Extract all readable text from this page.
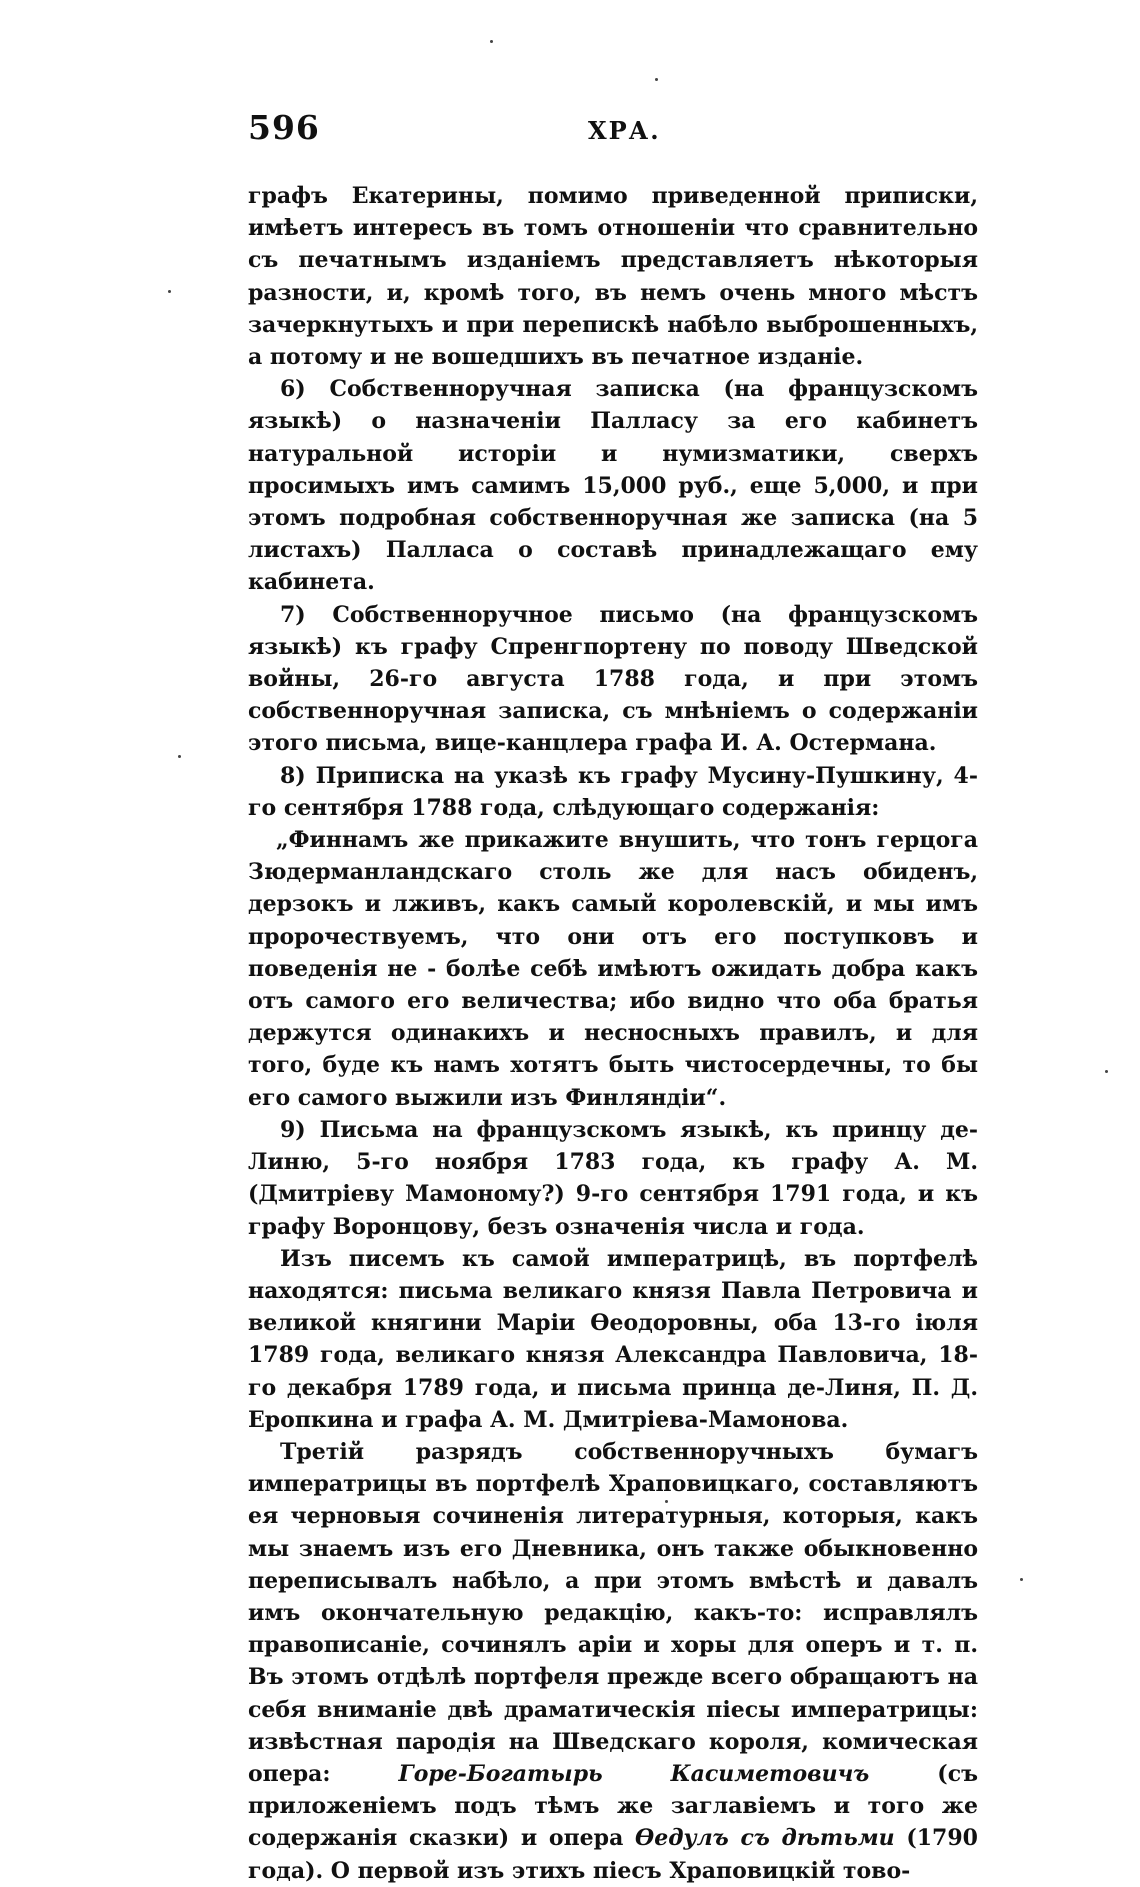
596	ХРА.

графъ Екатерины, помимо приведенной приписки, имѣетъ интересъ въ томъ отношеніи что сравнительно съ печатнымъ изданіемъ представляетъ нѣкоторыя разности, и, кромѣ того, въ немъ очень много мѣстъ зачеркнутыхъ и при перепискѣ набѣло выброшенныхъ, а потому и не вошедшихъ въ печатное изданіе.

6) Собственноручная записка (на французскомъ языкѣ) о назначеніи Палласу за его кабинетъ натуральной исторіи и нумизматики, сверхъ просимыхъ имъ самимъ 15,000 руб., еще 5,000, и при этомъ подробная собственноручная же записка (на 5 листахъ) Палласа о составѣ принадлежащаго ему кабинета.

7) Собственноручное письмо (на французскомъ языкѣ) къ графу Спренгпортену по поводу Шведской войны, 26-го августа 1788 года, и при этомъ собственноручная записка, съ мнѣніемъ о содержаніи этого письма, вице-канцлера графа И. А. Остермана.

8) Приписка на указѣ къ графу Мусину-Пушкину, 4-го сентября 1788 года, слѣдующаго содержанія:

„Финнамъ же прикажите внушить, что тонъ герцога Зюдерманландскаго столь же для насъ обиденъ, дерзокъ и лживъ, какъ самый королевскій, и мы имъ пророчествуемъ, что они отъ его поступковъ и поведенія не - болѣе себѣ имѣютъ ожидать добра какъ отъ самого его величества; ибо видно что оба братья держутся одинакихъ и несносныхъ правилъ, и для того, буде къ намъ хотятъ быть чистосердечны, то бы его самого выжили изъ Финляндіи“.

9) Письма на французскомъ языкѣ, къ принцу де-Линю, 5-го ноября 1783 года, къ графу А. М. (Дмитріеву Мамоному?) 9-го сентября 1791 года, и къ графу Воронцову, безъ означенія числа и года.

Изъ писемъ къ самой императрицѣ, въ портфелѣ находятся: письма великаго князя Павла Петровича и великой княгини Маріи Ѳеодоровны, оба 13-го іюля 1789 года, великаго князя Александра Павловича, 18-го декабря 1789 года, и письма принца де-Линя, П. Д. Еропкина и графа А. М. Дмитріева-Мамонова.

Третій разрядъ собственноручныхъ бумагъ императрицы въ портфелѣ Храповицкаго, составляютъ ея черновыя сочиненія литературныя, которыя, какъ мы знаемъ изъ его Дневника, онъ также обыкновенно переписывалъ набѣло, а при этомъ вмѣстѣ и давалъ имъ окончательную редакцію, какъ-то: исправлялъ правописаніе, сочинялъ аріи и хоры для оперъ и т. п. Въ этомъ отдѣлѣ портфеля прежде всего обращаютъ на себя вниманіе двѣ драматическія піесы императрицы: извѣстная пародія на Шведскаго короля, комическая опера: Горе-Богатырь Касиметовичъ (съ приложеніемъ подъ тѣмъ же заглавіемъ и того же содержанія сказки) и опера Ѳедулъ съ дѣтьми (1790 года). О первой изъ этихъ піесъ Храповицкій тово-
